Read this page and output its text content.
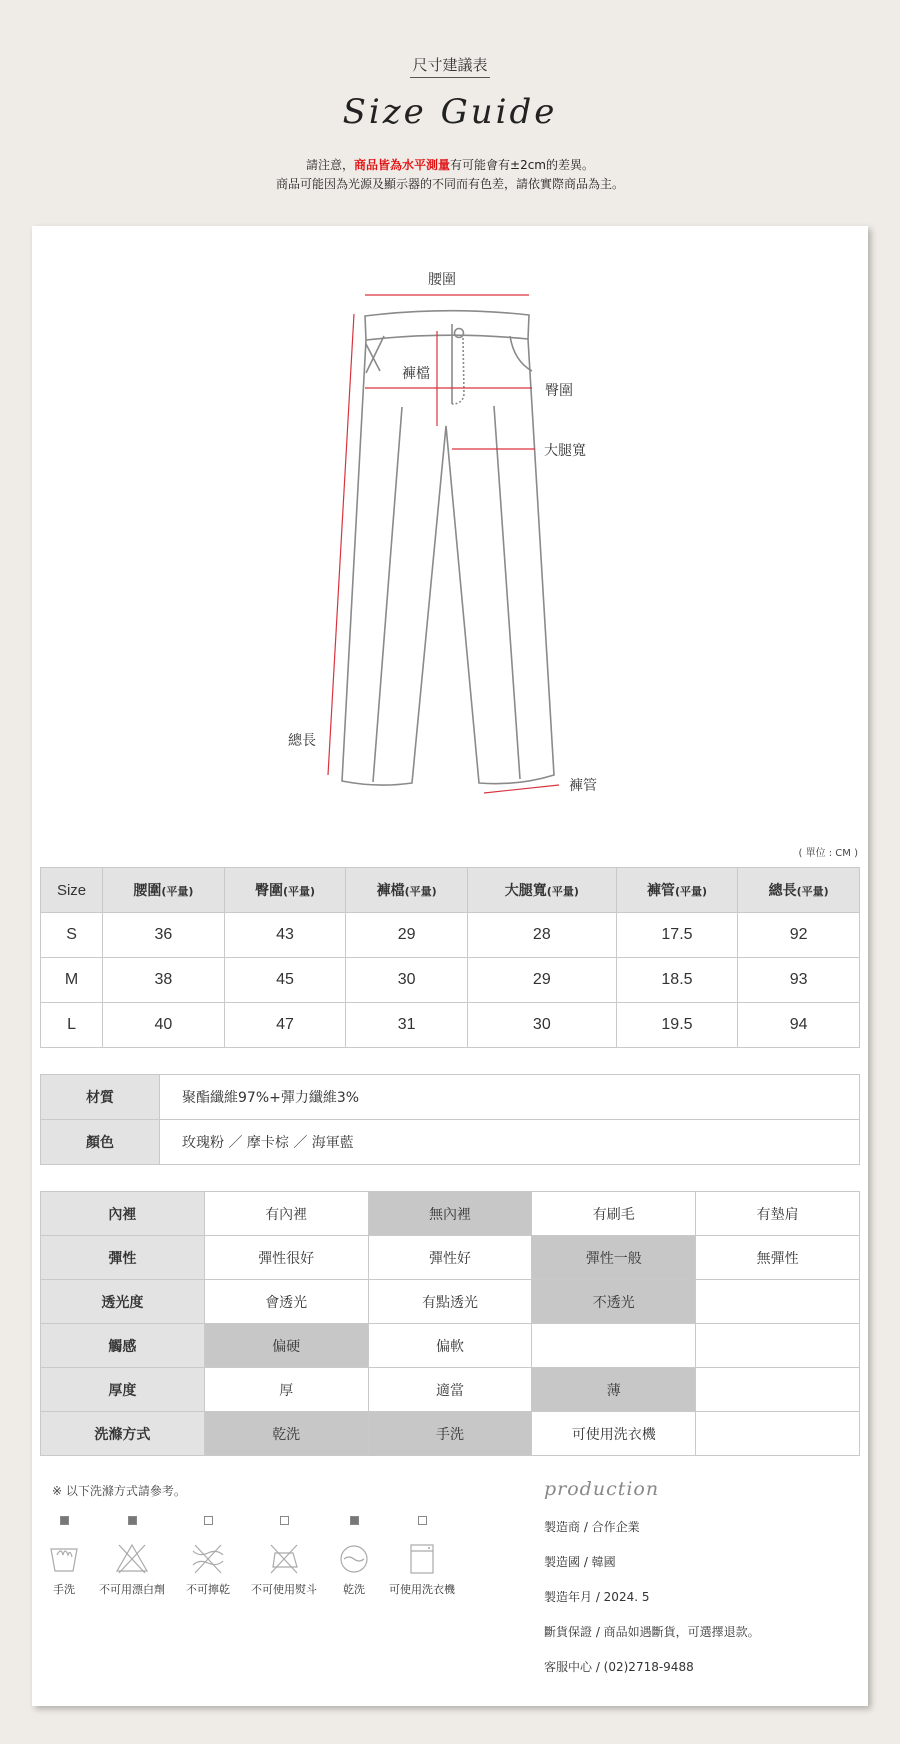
尺寸建議表
Size Guide
請注意，商品皆為水平測量有可能會有±2cm的差異。
商品可能因為光源及顯示器的不同而有色差，請依實際商品為主。
腰圍
褲檔
臀圍
大腿寬
總長
褲管
( 單位 : CM )
Size	腰圍(平量)	臀圍(平量)	褲檔(平量)	大腿寬(平量)	褲管(平量)	總長(平量)
S	36	43	29	28	17.5	92
M	38	45	30	29	18.5	93
L	40	47	31	30	19.5	94
材質	聚酯纖維97%+彈力纖維3%
顏色	玫瑰粉 ／ 摩卡棕 ／ 海軍藍
內裡	有內裡	無內裡	有刷毛	有墊肩
彈性	彈性很好	彈性好	彈性一般	無彈性
透光度	會透光	有點透光	不透光	
觸感	偏硬	偏軟		
厚度	厚	適當	薄	
洗滌方式	乾洗	手洗	可使用洗衣機	
※ 以下洗滌方式請參考。
手洗	不可用漂白劑	不可擰乾	不可使用熨斗	乾洗	可使用洗衣機
production
製造商 / 合作企業
製造國 / 韓國
製造年月 / 2024. 5
斷貨保證 / 商品如遇斷貨，可選擇退款。
客服中心 / (02)2718-9488
